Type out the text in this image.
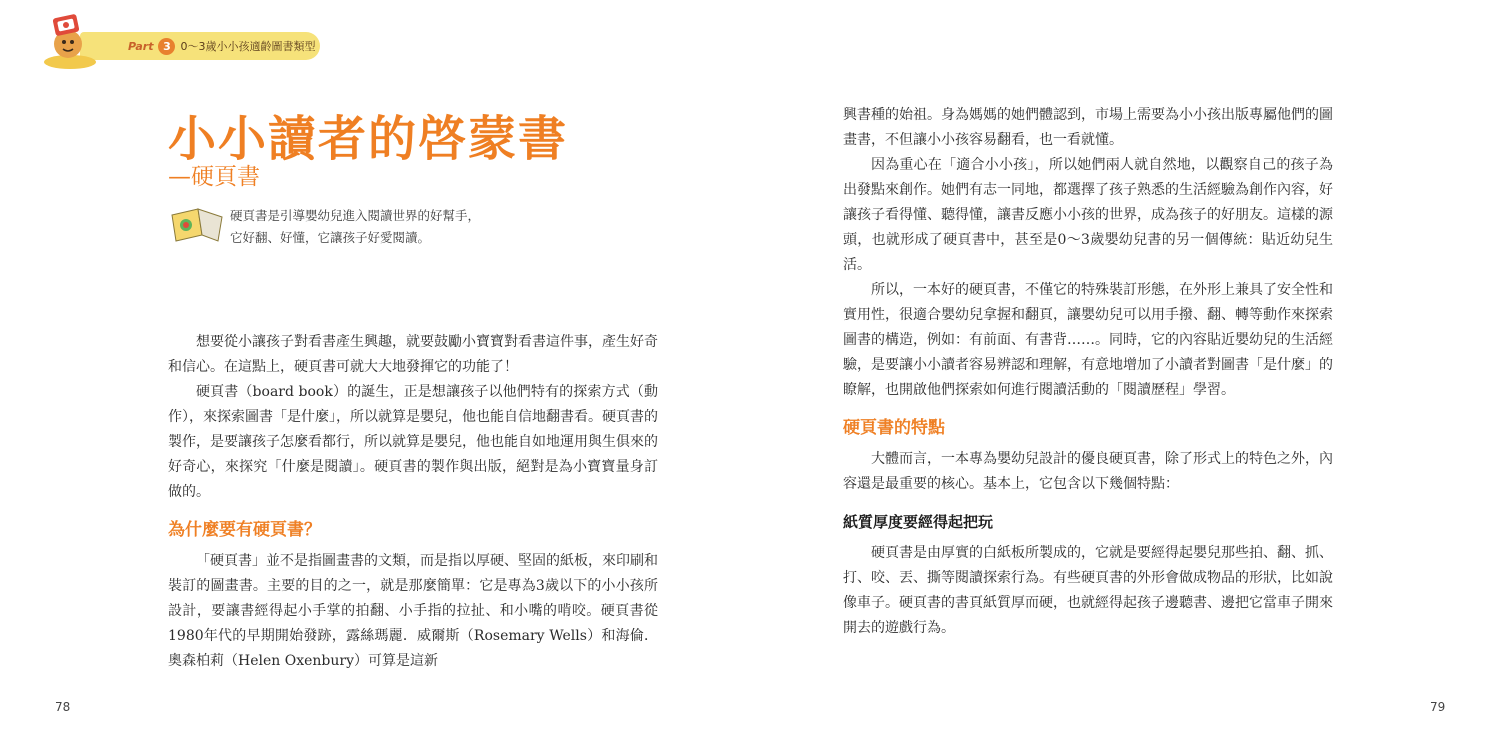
Part 3 0～3歲小小孩適齡圖書類型
小小讀者的啓蒙書
—硬頁書

硬頁書是引導嬰幼兒進入閱讀世界的好幫手，

它好翻、好懂，它讓孩子好愛閱讀。

想要從小讓孩子對看書產生興趣，就要鼓勵小寶寶對看書這件事，產生好奇和信心。在這點上，硬頁書可就大大地發揮它的功能了！

硬頁書（board book）的誕生，正是想讓孩子以他們特有的探索方式（動作），來探索圖書「是什麼」，所以就算是嬰兒，他也能自信地翻書看。硬頁書的製作，是要讓孩子怎麼看都行，所以就算是嬰兒，他也能自如地運用與生俱來的好奇心，來探究「什麼是閱讀」。硬頁書的製作與出版，絕對是為小寶寶量身訂做的。

為什麼要有硬頁書？

「硬頁書」並不是指圖畫書的文類，而是指以厚硬、堅固的紙板，來印刷和裝訂的圖畫書。主要的目的之一，就是那麼簡單：它是專為3歲以下的小小孩所設計，要讓書經得起小手掌的拍翻、小手指的拉扯、和小嘴的啃咬。硬頁書從1980年代的早期開始發跡，露絲瑪麗．威爾斯（Rosemary Wells）和海倫．奧森柏莉（Helen Oxenbury）可算是這新

78

興書種的始祖。身為媽媽的她們體認到，市場上需要為小小孩出版專屬他們的圖畫書，不但讓小小孩容易翻看，也一看就懂。

因為重心在「適合小小孩」，所以她們兩人就自然地，以觀察自己的孩子為出發點來創作。她們有志一同地，都選擇了孩子熟悉的生活經驗為創作內容，好讓孩子看得懂、聽得懂，讓書反應小小孩的世界，成為孩子的好朋友。這樣的源頭，也就形成了硬頁書中，甚至是0～3歲嬰幼兒書的另一個傳統：貼近幼兒生活。

所以，一本好的硬頁書，不僅它的特殊裝訂形態，在外形上兼具了安全性和實用性，很適合嬰幼兒拿握和翻頁，讓嬰幼兒可以用手撥、翻、轉等動作來探索圖書的構造，例如：有前面、有書背……。同時，它的內容貼近嬰幼兒的生活經驗，是要讓小小讀者容易辨認和理解，有意地增加了小讀者對圖書「是什麼」的瞭解，也開啟他們探索如何進行閱讀活動的「閱讀歷程」學習。

硬頁書的特點

大體而言，一本專為嬰幼兒設計的優良硬頁書，除了形式上的特色之外，內容還是最重要的核心。基本上，它包含以下幾個特點：

紙質厚度要經得起把玩

硬頁書是由厚實的白紙板所製成的，它就是要經得起嬰兒那些拍、翻、抓、打、咬、丟、撕等閱讀探索行為。有些硬頁書的外形會做成物品的形狀，比如說像車子。硬頁書的書頁紙質厚而硬，也就經得起孩子邊聽書、邊把它當車子開來開去的遊戲行為。

79
